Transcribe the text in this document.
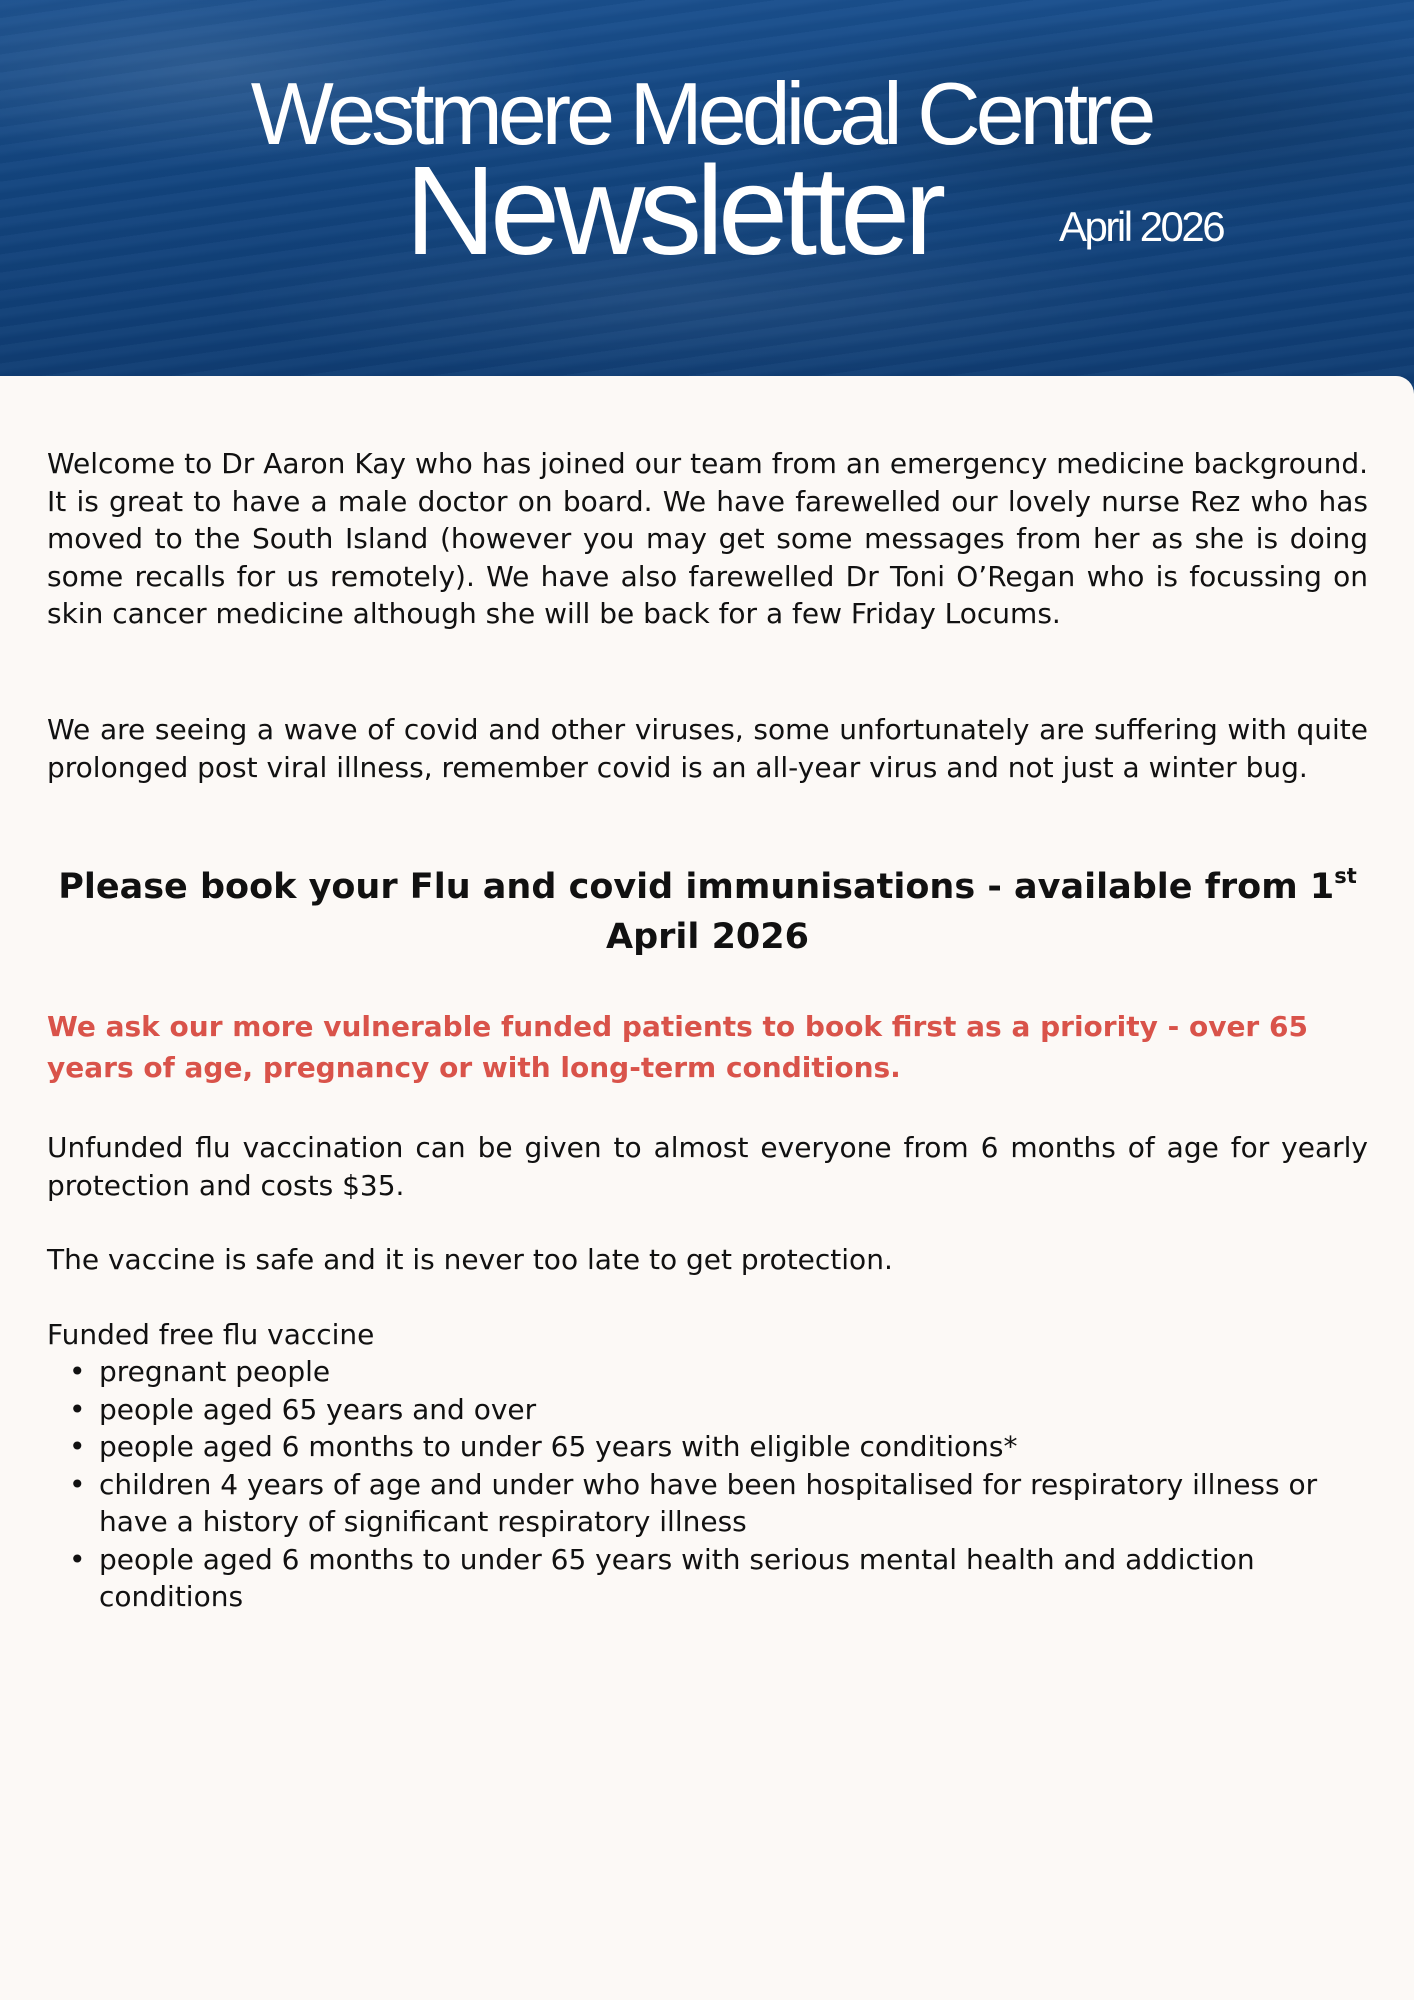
Westmere Medical Centre
Newsletter	April 2026

Welcome to Dr Aaron Kay who has joined our team from an emergency medicine background. It is great to have a male doctor on board. We have farewelled our lovely nurse Rez who has moved to the South Island (however you may get some messages from her as she is doing some recalls for us remotely). We have also farewelled Dr Toni O’Regan who is focussing on skin cancer medicine although she will be back for a few Friday Locums.

We are seeing a wave of covid and other viruses, some unfortunately are suffering with quite prolonged post viral illness, remember covid is an all-year virus and not just a winter bug.

Please book your Flu and covid immunisations - available from 1st
April 2026

We ask our more vulnerable funded patients to book first as a priority - over 65 years of age, pregnancy or with long-term conditions.

Unfunded flu vaccination can be given to almost everyone from 6 months of age for yearly protection and costs $35.

The vaccine is safe and it is never too late to get protection.

Funded free flu vaccine

• pregnant people
• people aged 65 years and over
• people aged 6 months to under 65 years with eligible conditions*
• children 4 years of age and under who have been hospitalised for respiratory illness or have a history of significant respiratory illness
• people aged 6 months to under 65 years with serious mental health and addiction conditions
